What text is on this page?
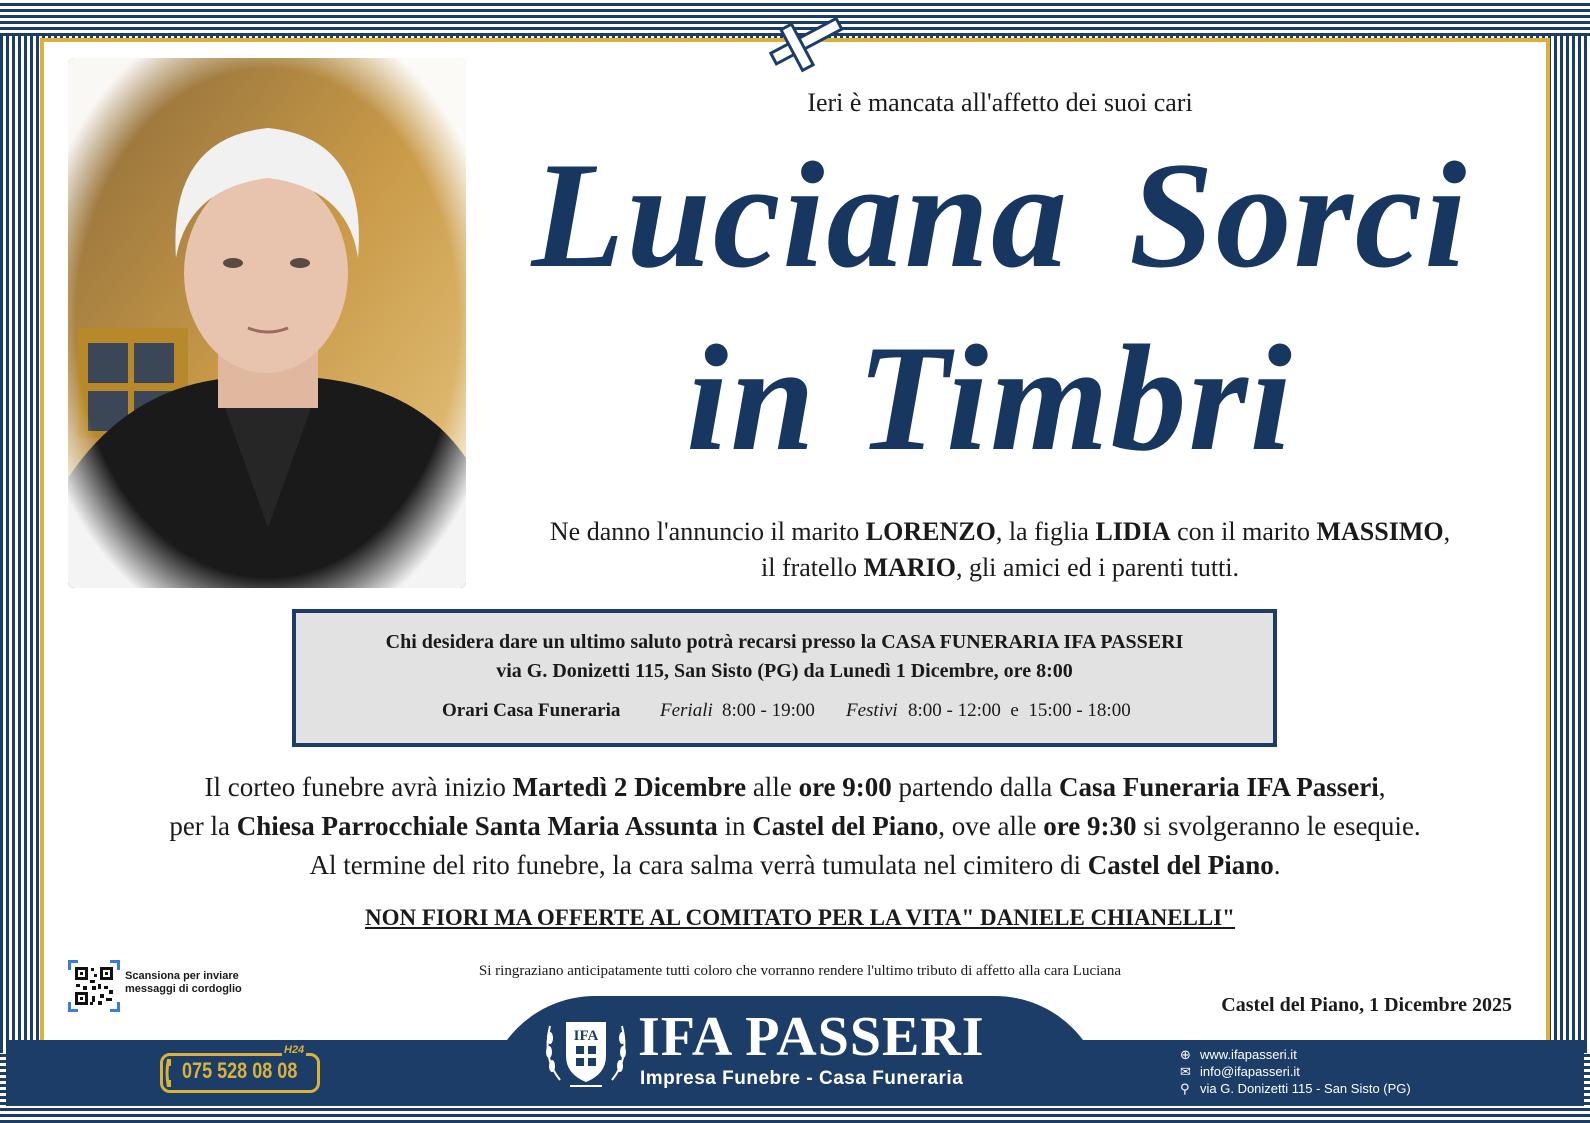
Ieri è mancata all'affetto dei suoi cari
Luciana Sorci
in Timbri
Ne danno l'annuncio il marito LORENZO, la figlia LIDIA con il marito MASSIMO,
il fratello MARIO, gli amici ed i parenti tutti.
Chi desidera dare un ultimo saluto potrà recarsi presso la CASA FUNERARIA IFA PASSERI
via G. Donizetti 115, San Sisto (PG) da Lunedì 1 Dicembre, ore 8:00
Orari Casa Funeraria Feriali 8:00 - 19:00 Festivi 8:00 - 12:00  e  15:00 - 18:00
Il corteo funebre avrà inizio Martedì 2 Dicembre alle ore 9:00 partendo dalla Casa Funeraria IFA Passeri,
per la Chiesa Parrocchiale Santa Maria Assunta in Castel del Piano, ove alle ore 9:30 si svolgeranno le esequie.
Al termine del rito funebre, la cara salma verrà tumulata nel cimitero di Castel del Piano.
NON FIORI MA OFFERTE AL COMITATO PER LA VITA" DANIELE CHIANELLI"
Si ringraziano anticipatamente tutti coloro che vorranno rendere l'ultimo tributo di affetto alla cara Luciana
Castel del Piano, 1 Dicembre 2025
Scansiona per inviare
messaggi di cordoglio
IFA IFA PASSERI
Impresa Funebre - Casa Funeraria
075 528 08 08
H24	⊕ www.ifapasseri.it
✉ info@ifapasseri.it
⚲ via G. Donizetti 115 - San Sisto (PG)
